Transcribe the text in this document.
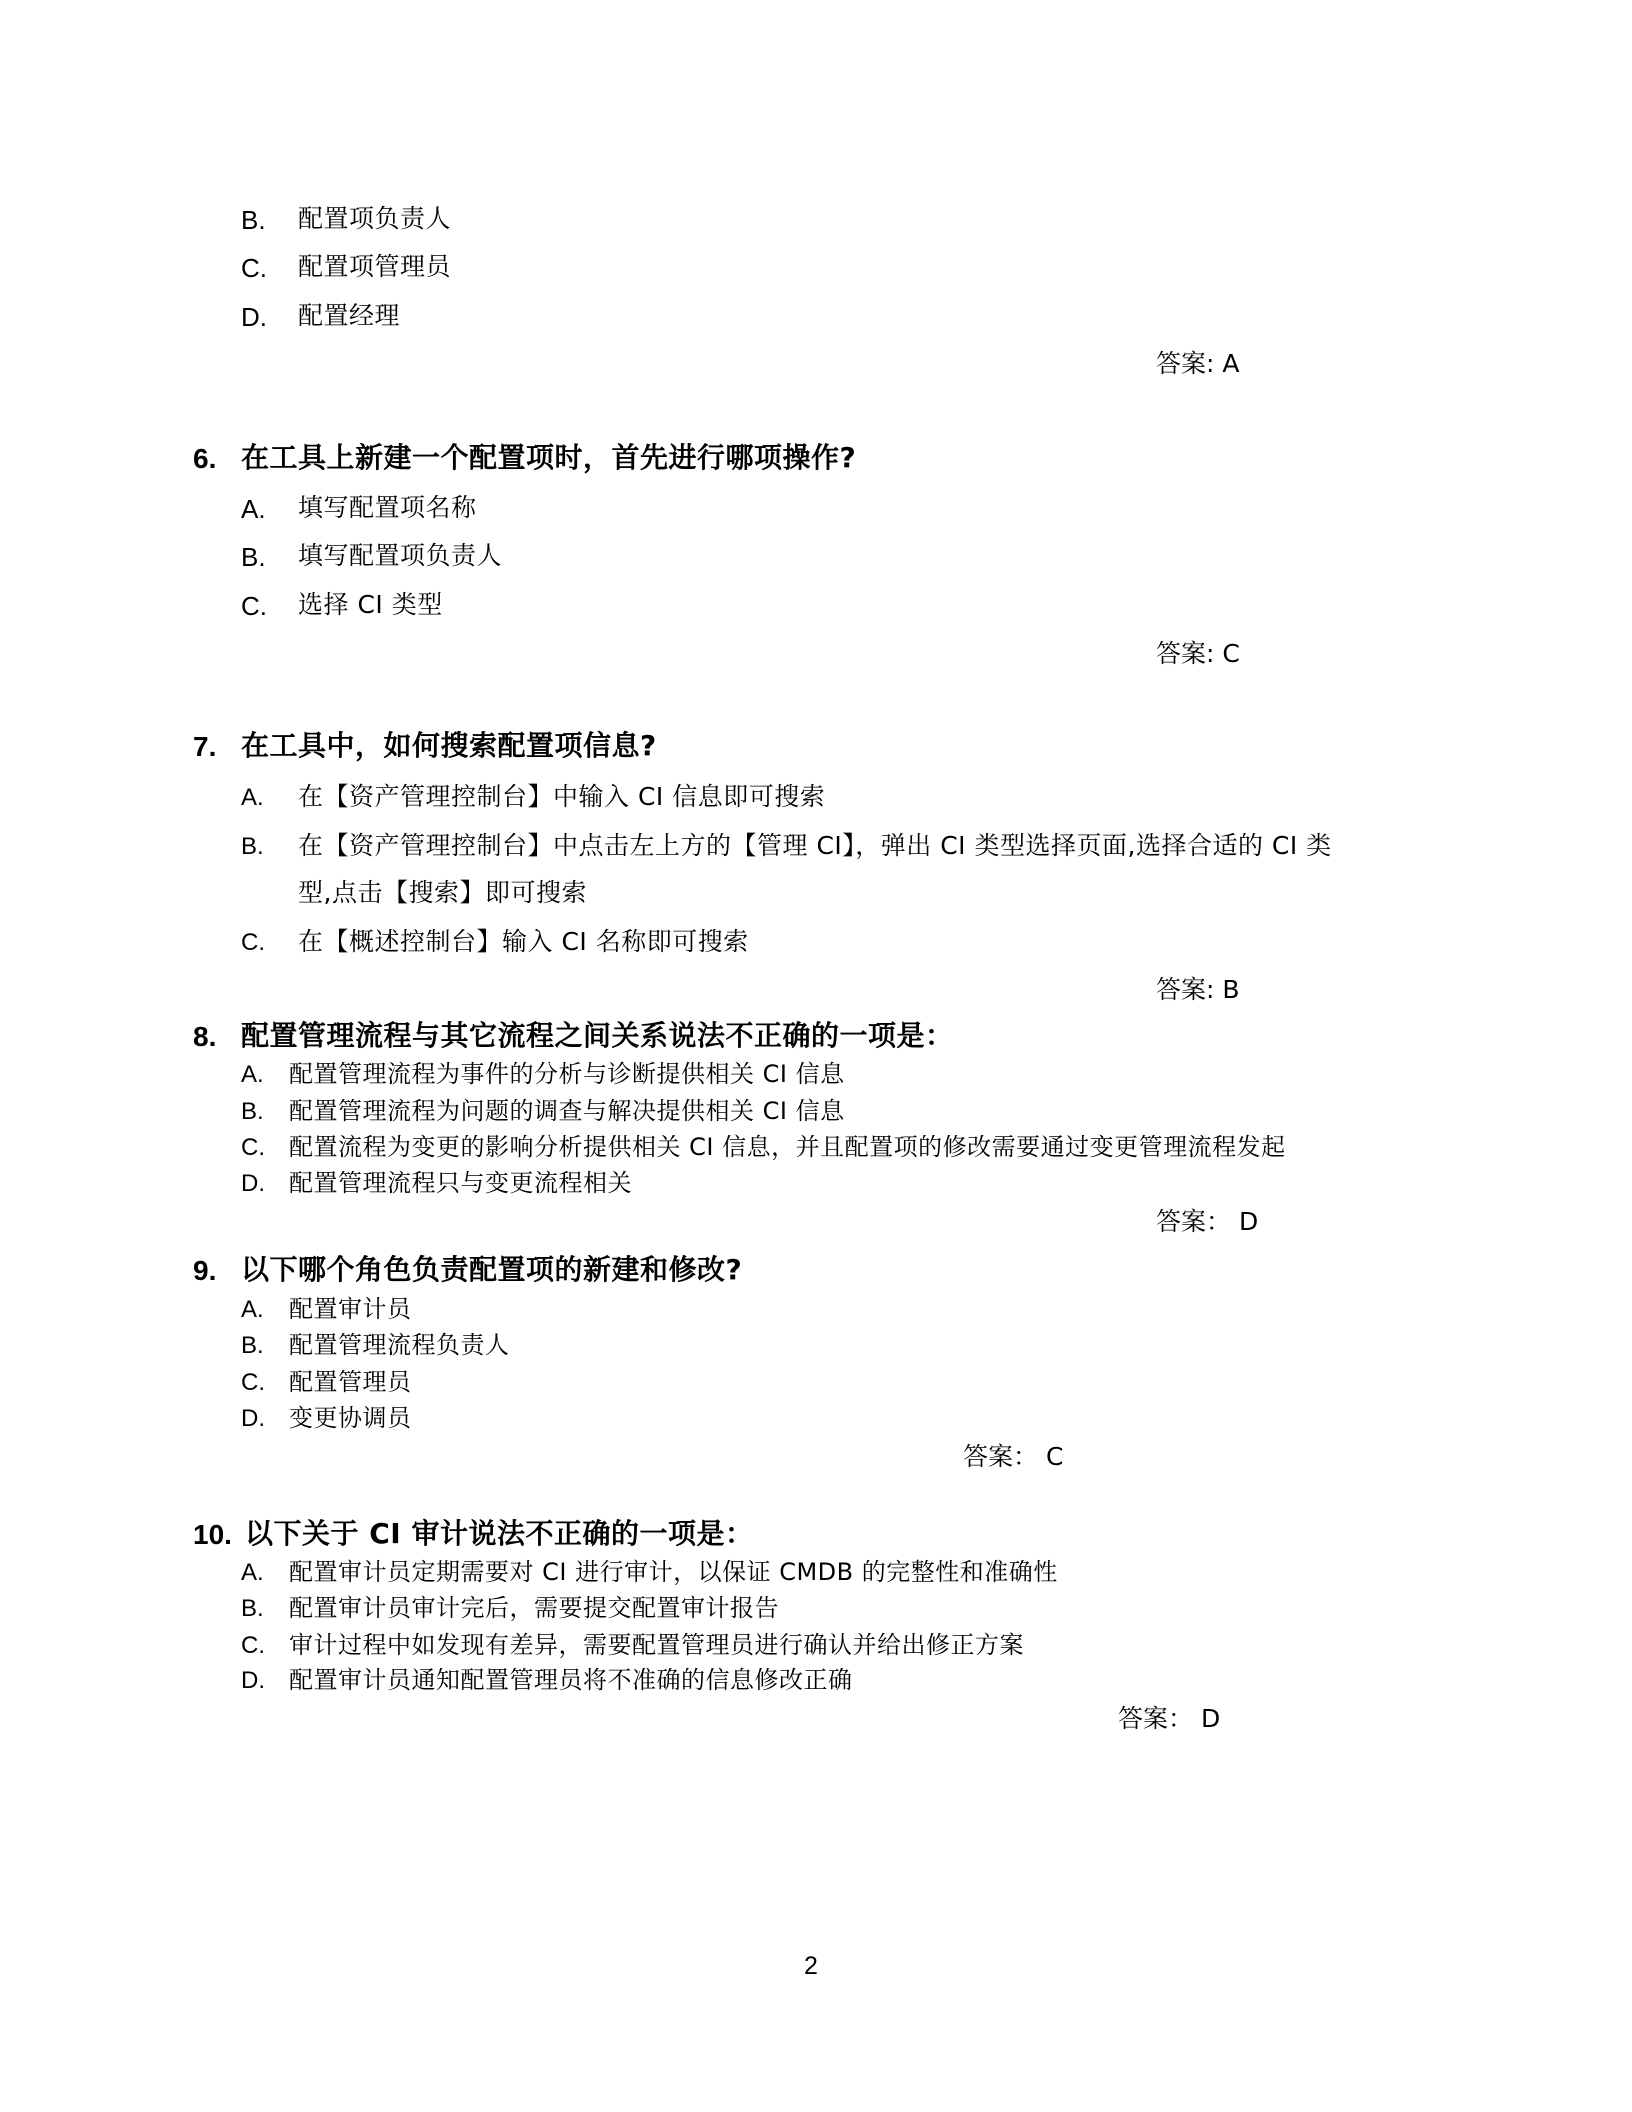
B. 配置项负责人
C. 配置项管理员
D. 配置经理
答案: A
6. 在工具上新建一个配置项时，首先进行哪项操作?
A. 填写配置项名称
B. 填写配置项负责人
C. 选择 CI 类型
答案: C
7. 在工具中，如何搜索配置项信息?
A. 在【资产管理控制台】中输入 CI 信息即可搜索
B. 在【资产管理控制台】中点击左上方的【管理 CI】，弹出 CI 类型选择页面,选择合适的 CI 类
型,点击【搜索】即可搜索
C. 在【概述控制台】输入 CI 名称即可搜索
答案: B
8. 配置管理流程与其它流程之间关系说法不正确的一项是：
A. 配置管理流程为事件的分析与诊断提供相关 CI 信息
B. 配置管理流程为问题的调查与解决提供相关 CI 信息
C. 配置流程为变更的影响分析提供相关 CI 信息，并且配置项的修改需要通过变更管理流程发起
D. 配置管理流程只与变更流程相关
答案： D
9. 以下哪个角色负责配置项的新建和修改?
A. 配置审计员
B. 配置管理流程负责人
C. 配置管理员
D. 变更协调员
答案： C
10. 以下关于 CI 审计说法不正确的一项是：
A. 配置审计员定期需要对 CI 进行审计，以保证 CMDB 的完整性和准确性
B. 配置审计员审计完后，需要提交配置审计报告
C. 审计过程中如发现有差异，需要配置管理员进行确认并给出修正方案
D. 配置审计员通知配置管理员将不准确的信息修改正确
答案： D
2
